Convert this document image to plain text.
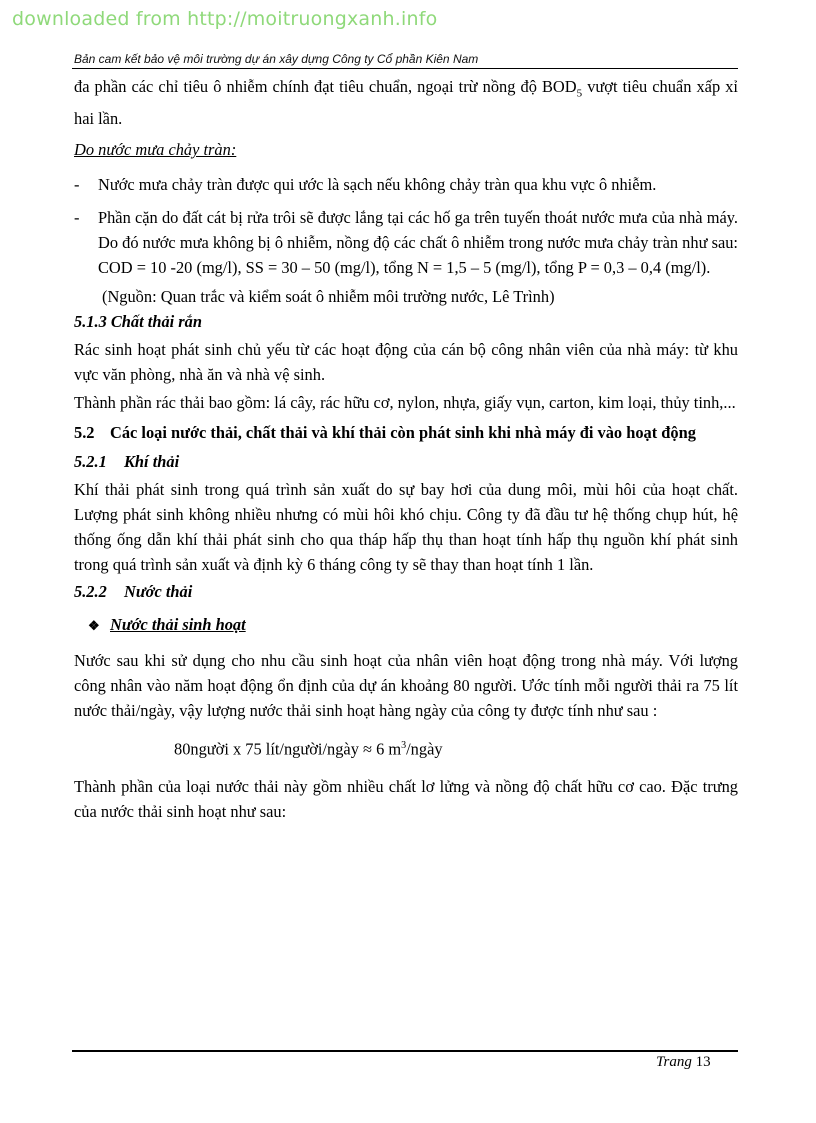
downloaded from http://moitruongxanh.info
Bản cam kết bảo vệ môi trường dự án xây dựng Công ty Cổ phần Kiên Nam

đa phần các chỉ tiêu ô nhiễm chính đạt tiêu chuẩn, ngoại trừ nồng độ $BOD_5$ vượt tiêu chuẩn xấp xỉ hai lần.

Do nước mưa chảy tràn:

-	Nước mưa chảy tràn được qui ước là sạch nếu không chảy tràn qua khu vực ô nhiễm.
-	Phần cặn do đất cát bị rửa trôi sẽ được lắng tại các hố ga trên tuyến thoát nước mưa của nhà máy. Do đó nước mưa không bị ô nhiễm, nồng độ các chất ô nhiễm trong nước mưa chảy tràn như sau: COD = 10 -20 (mg/l), SS = 30 – 50 (mg/l), tổng N = 1,5 – 5 (mg/l), tổng P = 0,3 – 0,4 (mg/l).

(Nguồn: Quan trắc và kiểm soát ô nhiễm môi trường nước, Lê Trình)

5.1.3 Chất thải rắn

Rác sinh hoạt phát sinh chủ yếu từ các hoạt động của cán bộ công nhân viên của nhà máy: từ khu vực văn phòng, nhà ăn và nhà vệ sinh.

Thành phần rác thải bao gồm: lá cây, rác hữu cơ, nylon, nhựa, giấy vụn, carton, kim loại, thủy tinh,...

5.2 Các loại nước thải, chất thải và khí thải còn phát sinh khi nhà máy đi vào hoạt động

5.2.1 Khí thải

Khí thải phát sinh trong quá trình sản xuất do sự bay hơi của dung môi, mùi hôi của hoạt chất. Lượng phát sinh không nhiều nhưng có mùi hôi khó chịu. Công ty đã đầu tư hệ thống chụp hút, hệ thống ống dẫn khí thải phát sinh cho qua tháp hấp thụ than hoạt tính hấp thụ nguồn khí phát sinh trong quá trình sản xuất và định kỳ 6 tháng công ty sẽ thay than hoạt tính 1 lần.

5.2.2 Nước thải

❖ Nước thải sinh hoạt

Nước sau khi sử dụng cho nhu cầu sinh hoạt của nhân viên hoạt động trong nhà máy. Với lượng công nhân vào năm hoạt động ổn định của dự án khoảng 80 người. Ước tính mỗi người thải ra 75 lít nước thải/ngày, vậy lượng nước thải sinh hoạt hàng ngày của công ty được tính như sau :

80người x 75 lít/người/ngày ≈ 6 $m^3$/ngày

Thành phần của loại nước thải này gồm nhiều chất lơ lửng và nồng độ chất hữu cơ cao. Đặc trưng của nước thải sinh hoạt như sau:

Trang 13
